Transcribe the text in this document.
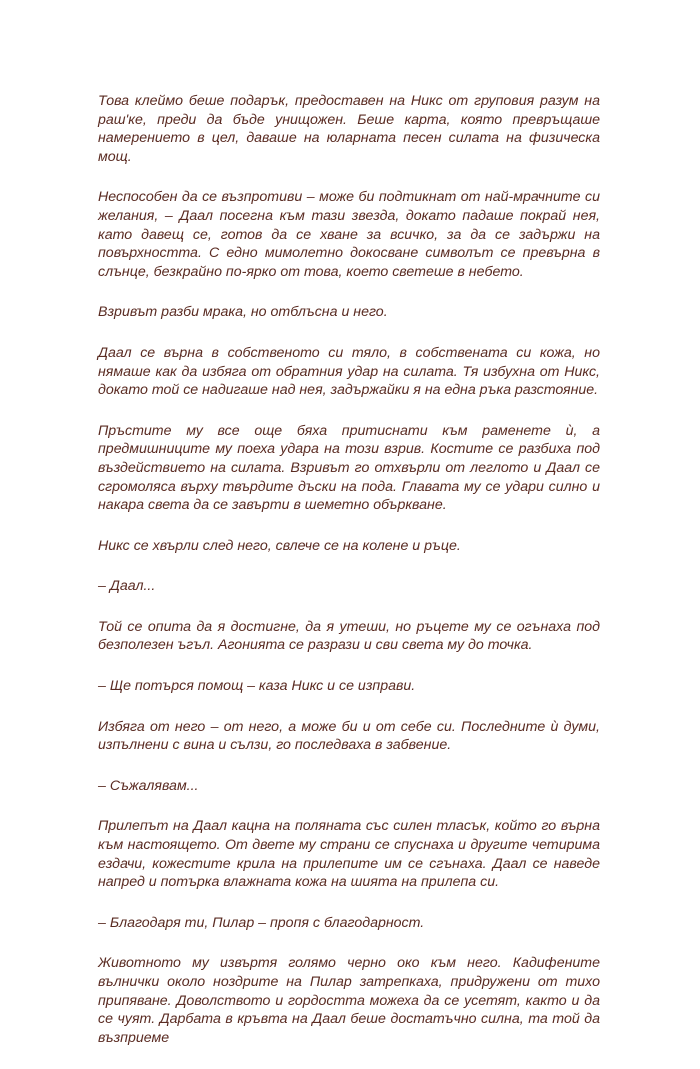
Това клеймо беше подарък, предоставен на Никс от груповия разум на раш'ке, преди да бъде унищожен. Беше карта, която превръщаше намерението в цел, даваше на юларната песен силата на физическа мощ.

Неспособен да се възпротиви – може би подтикнат от най-мрачните си желания, – Даал посегна към тази звезда, докато падаше покрай нея, като давещ се, готов да се хване за всичко, за да се задържи на повърхността. С едно мимолетно докосване символът се превърна в слънце, безкрайно по-ярко от това, което светеше в небето.

Взривът разби мрака, но отблъсна и него.

Даал се върна в собственото си тяло, в собствената си кожа, но нямаше как да избяга от обратния удар на силата. Тя избухна от Никс, докато той се надигаше над нея, задържайки я на една ръка разстояние.

Пръстите му все още бяха притиснати към раменете ѝ, а предмишниците му поеха удара на този взрив. Костите се разбиха под въздействието на силата. Взривът го отхвърли от леглото и Даал се сгромоляса върху твърдите дъски на пода. Главата му се удари силно и накара света да се завърти в шеметно объркване.

Никс се хвърли след него, свлече се на колене и ръце.

– Даал...

Той се опита да я достигне, да я утеши, но ръцете му се огънаха под безполезен ъгъл. Агонията се разрази и сви света му до точка.

– Ще потърся помощ – каза Никс и се изправи.

Избяга от него – от него, а може би и от себе си. Последните ѝ думи, изпълнени с вина и сълзи, го последваха в забвение.

– Съжалявам...

Прилепът на Даал кацна на поляната със силен тласък, който го върна към настоящето. От двете му страни се спуснаха и другите четирима ездачи, кожестите крила на прилепите им се сгънаха. Даал се наведе напред и потърка влажната кожа на шията на прилепа си.

– Благодаря ти, Пилар – пропя с благодарност.

Животното му извъртя голямо черно око към него. Кадифените вълнички около ноздрите на Пилар затрепкаха, придружени от тихо припяване. Доволството и гордостта можеха да се усетят, както и да се чуят. Дарбата в кръвта на Даал беше достатъчно силна, та той да възприеме
